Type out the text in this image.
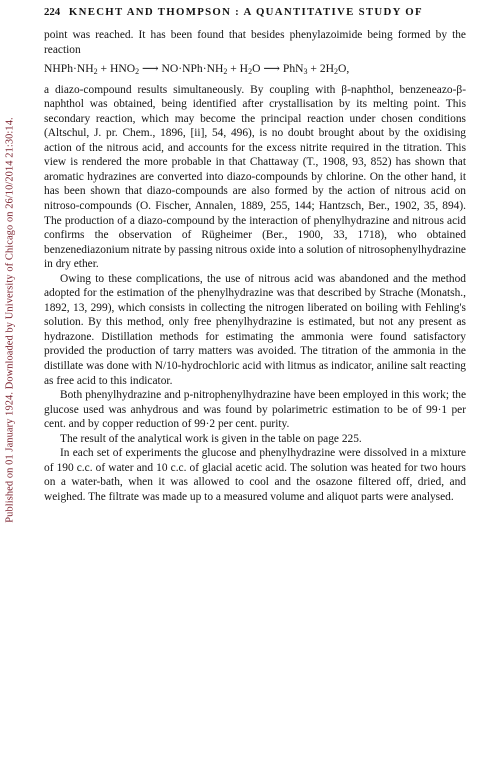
Published on 01 January 1924. Downloaded by University of Chicago on 26/10/2014 21:30:14.
224 KNECHT AND THOMPSON : A QUANTITATIVE STUDY OF

point was reached. It has been found that besides phenylazoimide being formed by the reaction

$NHPh\cdot NH_2 + HNO_2$ ⟶ $NO\cdot NPh\cdot NH_2 + H_2O$ ⟶ $PhN_3 + 2H_2O$,

a diazo-compound results simultaneously. By coupling with β-naphthol, benzeneazo-β-naphthol was obtained, being identified after crystallisation by its melting point. This secondary reaction, which may become the principal reaction under chosen conditions (Altschul, J. pr. Chem., 1896, [ii], 54, 496), is no doubt brought about by the oxidising action of the nitrous acid, and accounts for the excess nitrite required in the titration. This view is rendered the more probable in that Chattaway (T., 1908, 93, 852) has shown that aromatic hydrazines are converted into diazo-compounds by chlorine. On the other hand, it has been shown that diazo-compounds are also formed by the action of nitrous acid on nitroso-compounds (O. Fischer, Annalen, 1889, 255, 144; Hantzsch, Ber., 1902, 35, 894). The production of a diazo-compound by the interaction of phenylhydrazine and nitrous acid confirms the observation of Rügheimer (Ber., 1900, 33, 1718), who obtained benzenediazonium nitrate by passing nitrous oxide into a solution of nitrosophenylhydrazine in dry ether.

Owing to these complications, the use of nitrous acid was abandoned and the method adopted for the estimation of the phenylhydrazine was that described by Strache (Monatsh., 1892, 13, 299), which consists in collecting the nitrogen liberated on boiling with Fehling's solution. By this method, only free phenylhydrazine is estimated, but not any present as hydrazone. Distillation methods for estimating the ammonia were found satisfactory provided the production of tarry matters was avoided. The titration of the ammonia in the distillate was done with N/10-hydrochloric acid with litmus as indicator, aniline salt reacting as free acid to this indicator.

Both phenylhydrazine and p-nitrophenylhydrazine have been employed in this work; the glucose used was anhydrous and was found by polarimetric estimation to be of 99·1 per cent. and by copper reduction of 99·2 per cent. purity.

The result of the analytical work is given in the table on page 225.

In each set of experiments the glucose and phenylhydrazine were dissolved in a mixture of 190 c.c. of water and 10 c.c. of glacial acetic acid. The solution was heated for two hours on a water-bath, when it was allowed to cool and the osazone filtered off, dried, and weighed. The filtrate was made up to a measured volume and aliquot parts were analysed.
